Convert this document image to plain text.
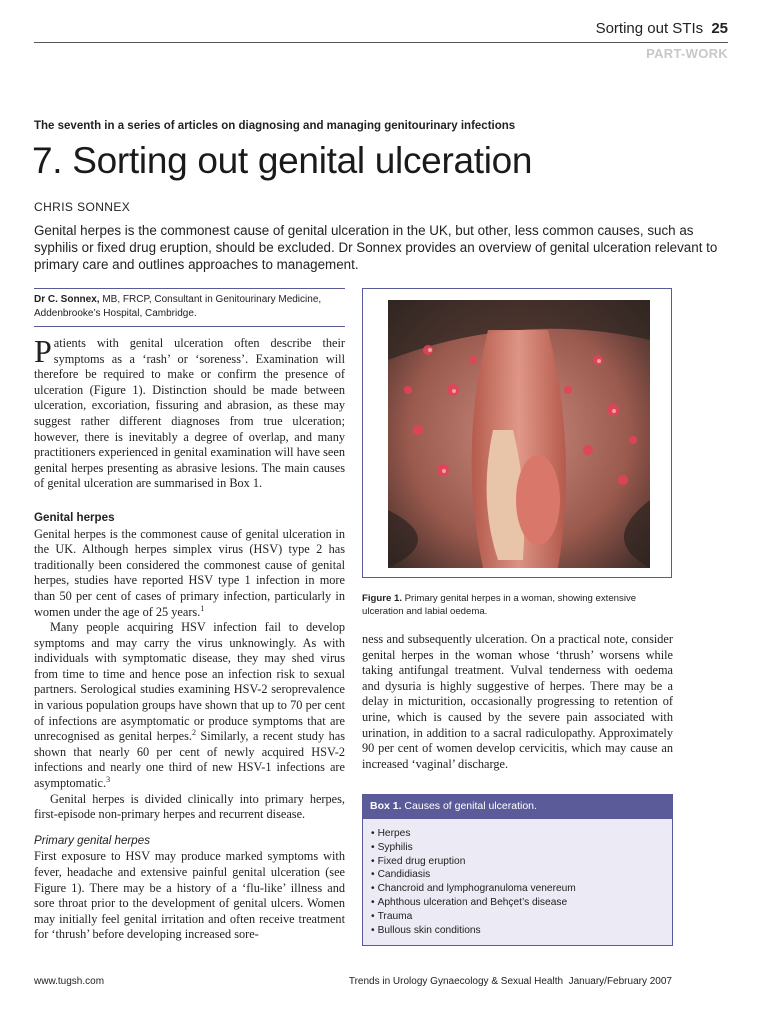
Sorting out STIs 25
PART-WORK
The seventh in a series of articles on diagnosing and managing genitourinary infections
7. Sorting out genital ulceration
CHRIS SONNEX

Genital herpes is the commonest cause of genital ulceration in the UK, but other, less common causes, such as syphilis or fixed drug eruption, should be excluded. Dr Sonnex provides an overview of genital ulceration relevant to primary care and outlines approaches to management.

Dr C. Sonnex, MB, FRCP, Consultant in Genitourinary Medicine, Addenbrooke’s Hospital, Cambridge.

Patients with genital ulceration often describe their symptoms as a ‘rash’ or ‘soreness’. Examination will therefore be required to make or confirm the presence of ulceration (Figure 1). Distinction should be made between ulceration, excoriation, fissuring and abrasion, as these may suggest rather different diagnoses from true ulceration; however, there is inevitably a degree of overlap, and many practitioners experienced in genital examination will have seen genital herpes presenting as abrasive lesions. The main causes of genital ulceration are summarised in Box 1.

Genital herpes

Genital herpes is the commonest cause of genital ulceration in the UK. Although herpes simplex virus (HSV) type 2 has traditionally been considered the commonest cause of genital herpes, studies have reported HSV type 1 infection in more than 50 per cent of cases of primary infection, particularly in women under the age of 25 years.$^1$

Many people acquiring HSV infection fail to develop symptoms and may carry the virus unknowingly. As with individuals with symptomatic disease, they may shed virus from time to time and hence pose an infection risk to sexual partners. Serological studies examining HSV-2 seroprevalence in various population groups have shown that up to 70 per cent of infections are asymptomatic or produce symptoms that are unrecognised as genital herpes.$^2$ Similarly, a recent study has shown that nearly 60 per cent of newly acquired HSV-2 infections and nearly one third of new HSV-1 infections are asymptomatic.$^3$

Genital herpes is divided clinically into primary herpes, first-episode non-primary herpes and recurrent disease.

Primary genital herpes

First exposure to HSV may produce marked symptoms with fever, headache and extensive painful genital ulceration (see Figure 1). There may be a history of a ‘flu-like’ illness and sore throat prior to the development of genital ulcers. Women may initially feel genital irritation and often receive treatment for ‘thrush’ before developing increased sore-

Figure 1. Primary genital herpes in a woman, showing extensive ulceration and labial oedema.

ness and subsequently ulceration. On a practical note, consider genital herpes in the woman whose ‘thrush’ worsens while taking antifungal treatment. Vulval tenderness with oedema and dysuria is highly suggestive of herpes. There may be a delay in micturition, occasionally progressing to retention of urine, which is caused by the severe pain associated with urination, in addition to a sacral radiculopathy. Approximately 90 per cent of women develop cervicitis, which may cause an increased ‘vaginal’ discharge.

Box 1. Causes of genital ulceration.
• Herpes
• Syphilis
• Fixed drug eruption
• Candidiasis
• Chancroid and lymphogranuloma venereum
• Aphthous ulceration and Behçet’s disease
• Trauma
• Bullous skin conditions
www.tugsh.com	Trends in Urology Gynaecology & Sexual Health January/February 2007
